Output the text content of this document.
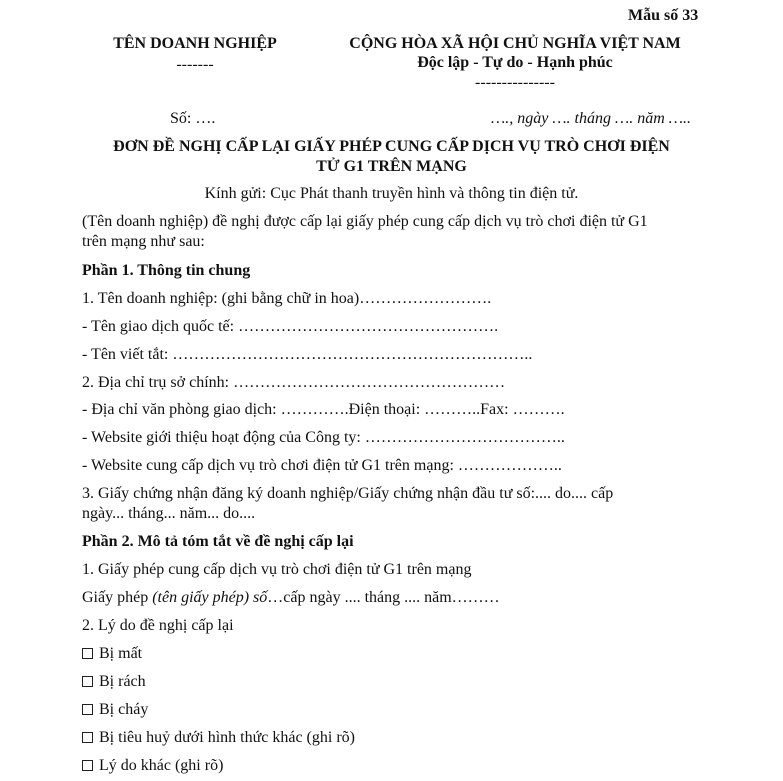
Mẫu số 33
TÊN DOANH NGHIỆP
-------
CỘNG HÒA XÃ HỘI CHỦ NGHĨA VIỆT NAM
Độc lập - Tự do - Hạnh phúc
---------------
Số: ….	…., ngày …. tháng …. năm …..
ĐƠN ĐỀ NGHỊ CẤP LẠI GIẤY PHÉP CUNG CẤP DỊCH VỤ TRÒ CHƠI ĐIỆN
TỬ G1 TRÊN MẠNG
Kính gửi: Cục Phát thanh truyền hình và thông tin điện tử.
(Tên doanh nghiệp) đề nghị được cấp lại giấy phép cung cấp dịch vụ trò chơi điện tử G1
trên mạng như sau:
Phần 1. Thông tin chung
1. Tên doanh nghiệp: (ghi bằng chữ in hoa)…………………….
- Tên giao dịch quốc tế: ………………………………………….
- Tên viết tắt: …………………………………………………………..
2. Địa chỉ trụ sở chính: ……………………………………………
- Địa chỉ văn phòng giao dịch: ………….Điện thoại: ………..Fax: ……….
- Website giới thiệu hoạt động của Công ty: ………………………………..
- Website cung cấp dịch vụ trò chơi điện tử G1 trên mạng: ………………..
3. Giấy chứng nhận đăng ký doanh nghiệp/Giấy chứng nhận đầu tư số:.... do.... cấp
ngày... tháng... năm... do....
Phần 2. Mô tả tóm tắt về đề nghị cấp lại
1. Giấy phép cung cấp dịch vụ trò chơi điện tử G1 trên mạng
Giấy phép (tên giấy phép) số…cấp ngày .... tháng .... năm………
2. Lý do đề nghị cấp lại
Bị mất
Bị rách
Bị cháy
Bị tiêu huỷ dưới hình thức khác (ghi rõ)
Lý do khác (ghi rõ)
